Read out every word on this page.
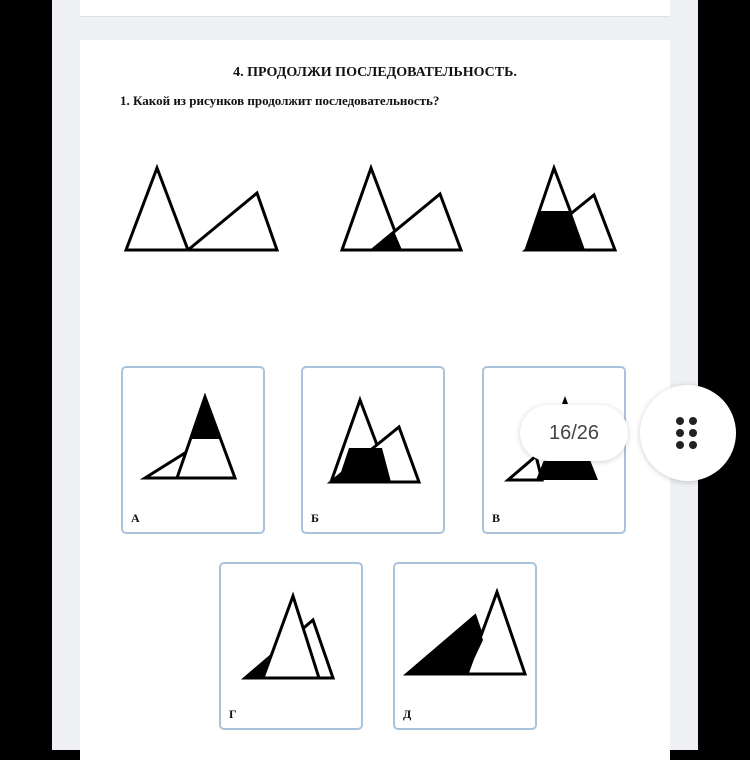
4. ПРОДОЛЖИ ПОСЛЕДОВАТЕЛЬНОСТЬ.
1. Какой из рисунков продолжит последовательность?
А	Б	В
Г	Д
16/26
